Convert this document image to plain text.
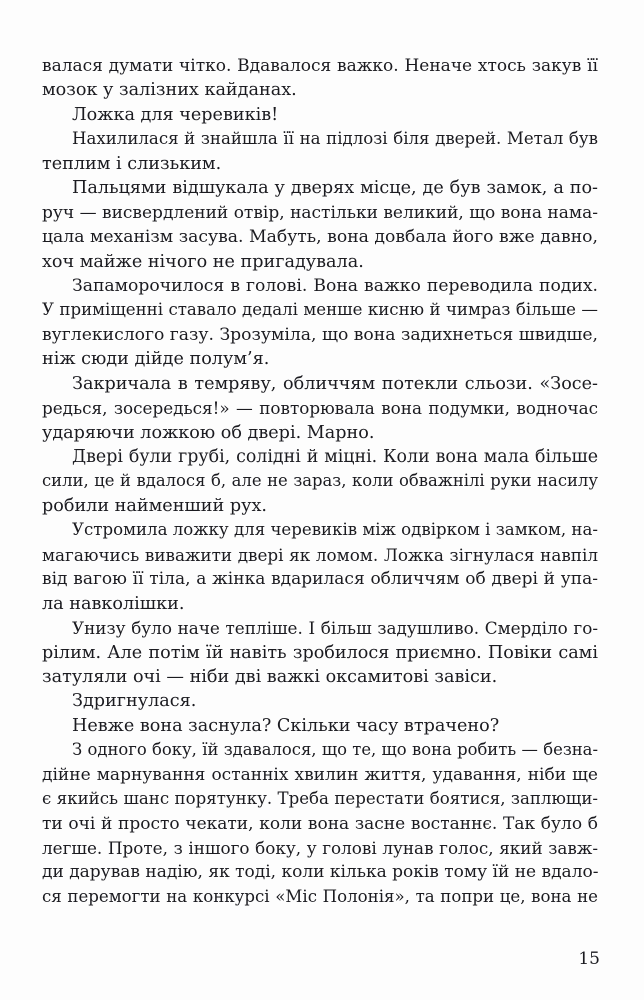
валася думати чітко. Вдавалося важко. Неначе хтось закув її
мозок у залізних кайданах.
Ложка для черевиків!
Нахилилася й знайшла її на підлозі біля дверей. Метал був
теплим і слизьким.
Пальцями відшукала у дверях місце, де був замок, а по-
руч — висвердлений отвір, настільки великий, що вона нама-
цала механізм засува. Мабуть, вона довбала його вже давно,
хоч майже нічого не пригадувала.
Запаморочилося в голові. Вона важко переводила подих.
У приміщенні ставало дедалі менше кисню й чимраз більше —
вуглекислого газу. Зрозуміла, що вона задихнеться швидше,
ніж сюди дійде полум’я.
Закричала в темряву, обличчям потекли сльози. «Зосе-
редься, зосередься!» — повторювала вона подумки, водночас
ударяючи ложкою об двері. Марно.
Двері були грубі, солідні й міцні. Коли вона мала більше
сили, це й вдалося б, але не зараз, коли обважнілі руки насилу
робили найменший рух.
Устромила ложку для черевиків між одвірком і замком, на-
магаючись виважити двері як ломом. Ложка зігнулася навпіл
від вагою її тіла, а жінка вдарилася обличчям об двері й упа-
ла навколішки.
Унизу було наче тепліше. І більш задушливо. Смерділо го-
рілим. Але потім їй навіть зробилося приємно. Повіки самі
затуляли очі — ніби дві важкі оксамитові завіси.
Здригнулася.
Невже вона заснула? Скільки часу втрачено?
З одного боку, їй здавалося, що те, що вона робить — безна-
дійне марнування останніх хвилин життя, удавання, ніби ще
є якийсь шанс порятунку. Треба перестати боятися, заплющи-
ти очі й просто чекати, коли вона засне востаннє. Так було б
легше. Проте, з іншого боку, у голові лунав голос, який завж-
ди дарував надію, як тоді, коли кілька років тому їй не вдало-
ся перемогти на конкурсі «Міс Полонія», та попри це, вона не
15
